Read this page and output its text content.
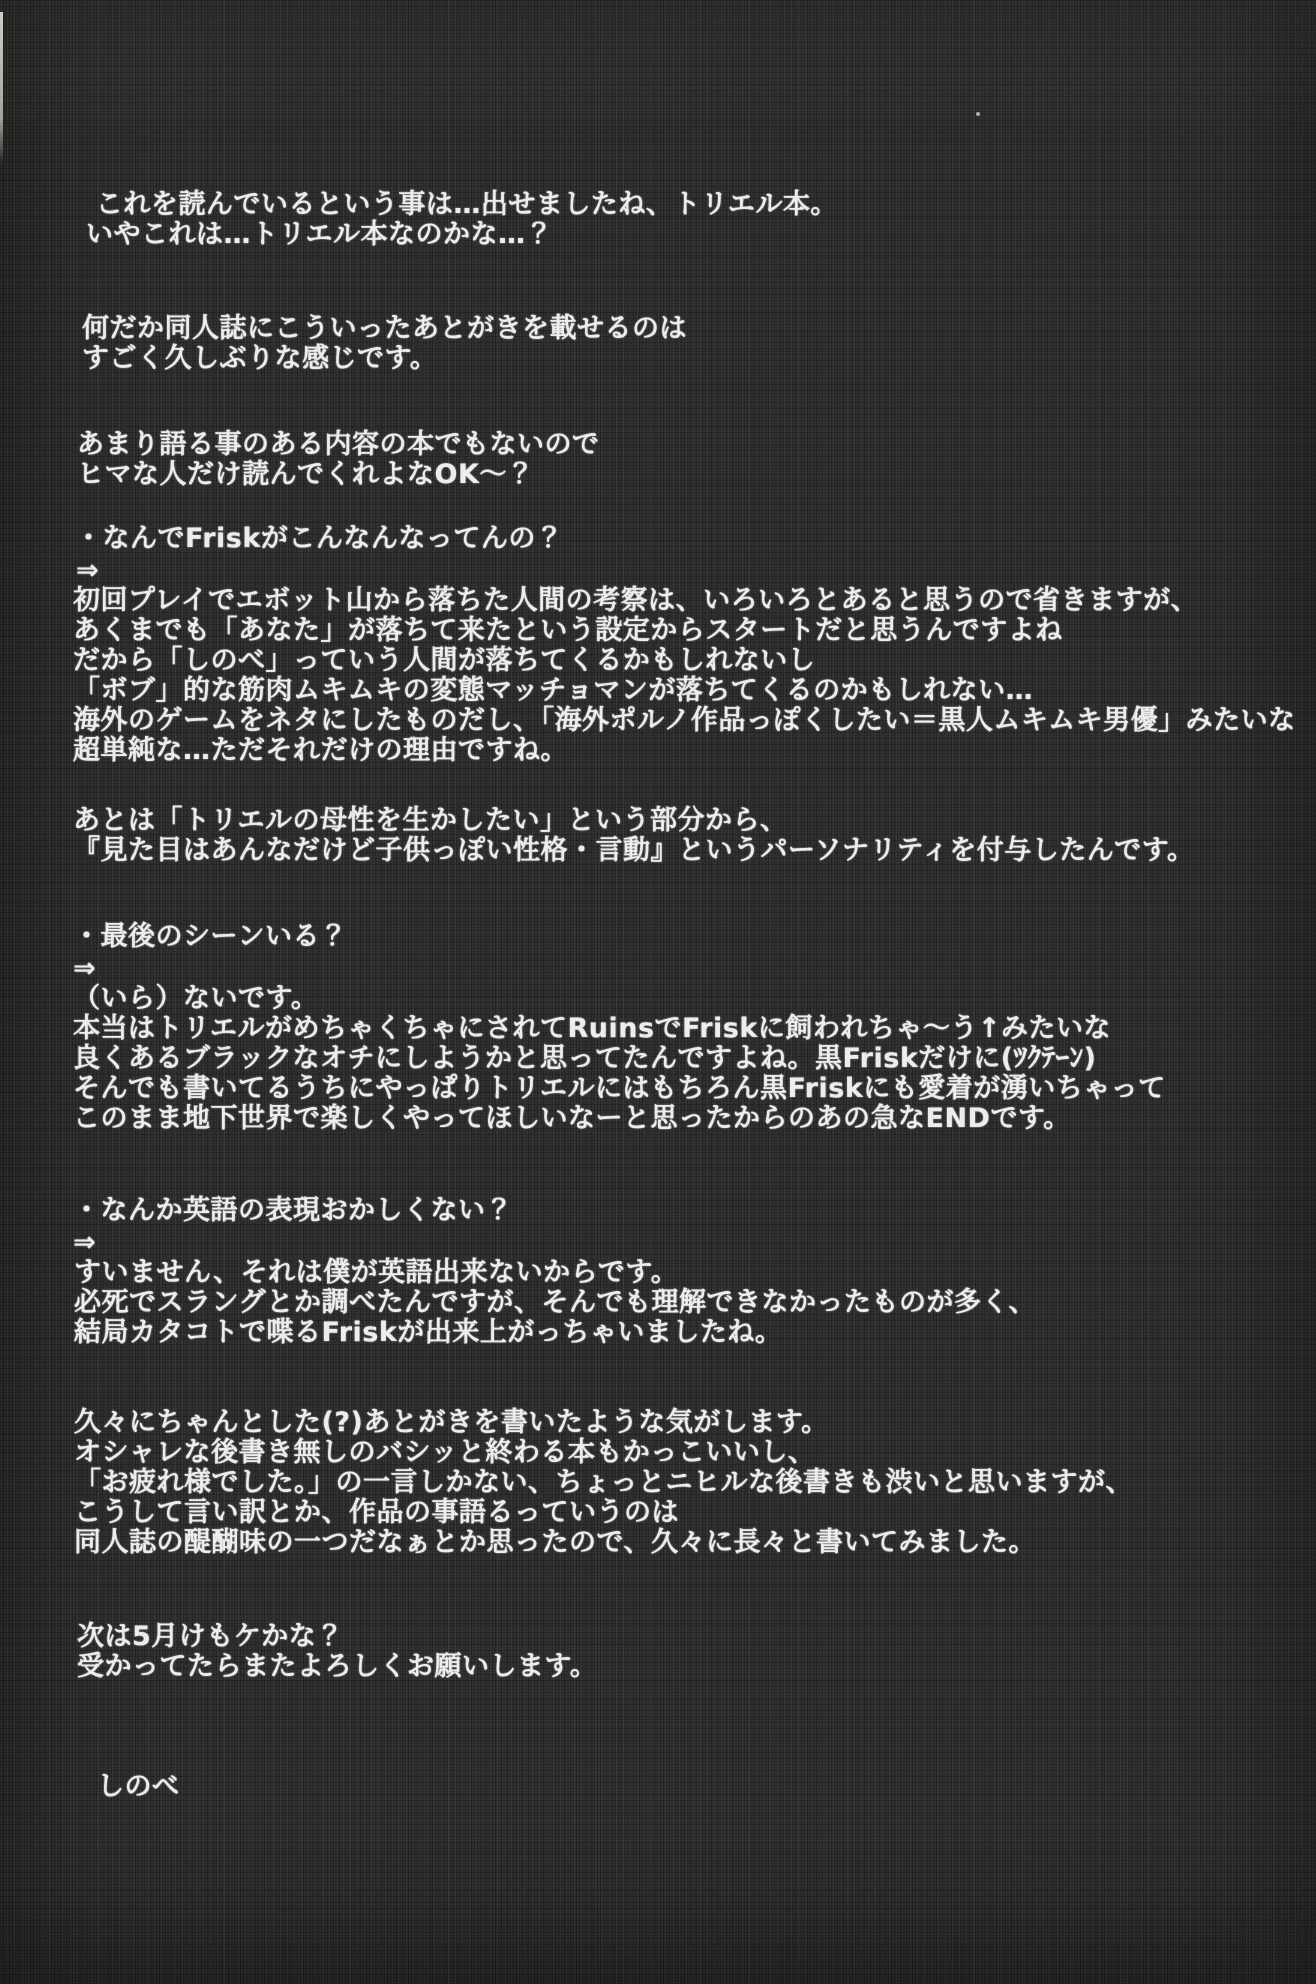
これを読んでいるという事は…出せましたね、トリエル本。
いやこれは…トリエル本なのかな…？
何だか同人誌にこういったあとがきを載せるのは
すごく久しぶりな感じです。
あまり語る事のある内容の本でもないので
ヒマな人だけ読んでくれよなOK～？
・なんでFriskがこんなんなってんの？
⇒
初回プレイでエボット山から落ちた人間の考察は、いろいろとあると思うので省きますが、
あくまでも「あなた」が落ちて来たという設定からスタートだと思うんですよね
だから「しのべ」っていう人間が落ちてくるかもしれないし
「ボブ」的な筋肉ムキムキの変態マッチョマンが落ちてくるのかもしれない…
海外のゲームをネタにしたものだし、「海外ポルノ作品っぽくしたい＝黒人ムキムキ男優」みたいな
超単純な…ただそれだけの理由ですね。
あとは「トリエルの母性を生かしたい」という部分から、
『見た目はあんなだけど子供っぽい性格・言動』というパーソナリティを付与したんです。
・最後のシーンいる？
⇒
（いら）ないです。
本当はトリエルがめちゃくちゃにされてRuinsでFriskに飼われちゃ～う↑みたいな
良くあるブラックなオチにしようかと思ってたんですよね。黒Friskだけに(ﾂｸﾃｰﾝ)
そんでも書いてるうちにやっぱりトリエルにはもちろん黒Friskにも愛着が湧いちゃって
このまま地下世界で楽しくやってほしいなーと思ったからのあの急なENDです。
・なんか英語の表現おかしくない？
⇒
すいません、それは僕が英語出来ないからです。
必死でスラングとか調べたんですが、そんでも理解できなかったものが多く、
結局カタコトで喋るFriskが出来上がっちゃいましたね。
久々にちゃんとした(?)あとがきを書いたような気がします。
オシャレな後書き無しのバシッと終わる本もかっこいいし、
「お疲れ様でした。」の一言しかない、ちょっとニヒルな後書きも渋いと思いますが、
こうして言い訳とか、作品の事語るっていうのは
同人誌の醍醐味の一つだなぁとか思ったので、久々に長々と書いてみました。
次は5月けもケかな？
受かってたらまたよろしくお願いします。
しのべ
